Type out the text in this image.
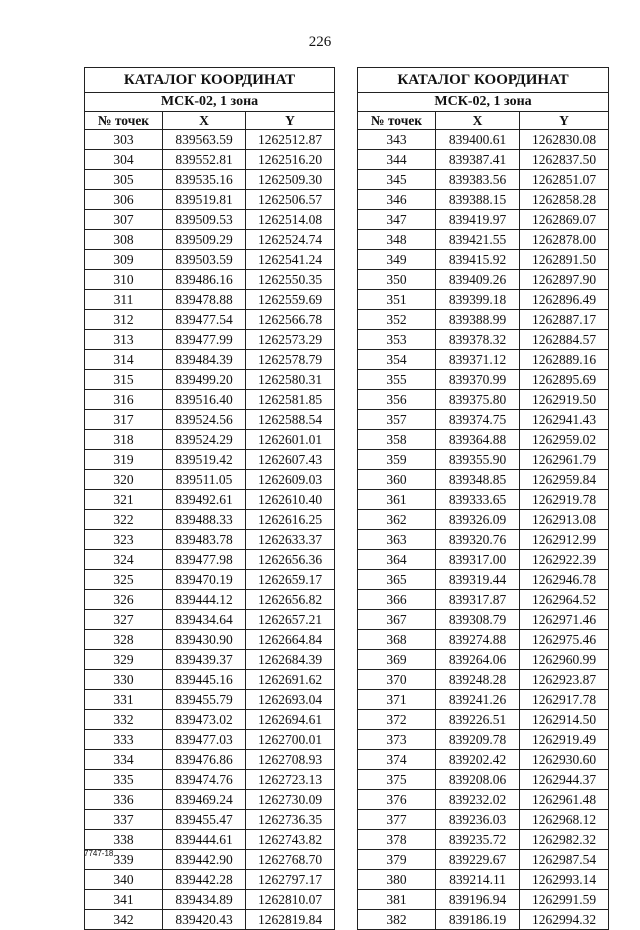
226
КАТАЛОГ КООРДИНАТ		
МСК-02, 1 зона		
№ точек	X	Y
303	839563.59	1262512.87
304	839552.81	1262516.20
305	839535.16	1262509.30
306	839519.81	1262506.57
307	839509.53	1262514.08
308	839509.29	1262524.74
309	839503.59	1262541.24
310	839486.16	1262550.35
311	839478.88	1262559.69
312	839477.54	1262566.78
313	839477.99	1262573.29
314	839484.39	1262578.79
315	839499.20	1262580.31
316	839516.40	1262581.85
317	839524.56	1262588.54
318	839524.29	1262601.01
319	839519.42	1262607.43
320	839511.05	1262609.03
321	839492.61	1262610.40
322	839488.33	1262616.25
323	839483.78	1262633.37
324	839477.98	1262656.36
325	839470.19	1262659.17
326	839444.12	1262656.82
327	839434.64	1262657.21
328	839430.90	1262664.84
329	839439.37	1262684.39
330	839445.16	1262691.62
331	839455.79	1262693.04
332	839473.02	1262694.61
333	839477.03	1262700.01
334	839476.86	1262708.93
335	839474.76	1262723.13
336	839469.24	1262730.09
337	839455.47	1262736.35
338	839444.61	1262743.82
339	839442.90	1262768.70
340	839442.28	1262797.17
341	839434.89	1262810.07
342	839420.43	1262819.84
КАТАЛОГ КООРДИНАТ		
МСК-02, 1 зона		
№ точек	X	Y
343	839400.61	1262830.08
344	839387.41	1262837.50
345	839383.56	1262851.07
346	839388.15	1262858.28
347	839419.97	1262869.07
348	839421.55	1262878.00
349	839415.92	1262891.50
350	839409.26	1262897.90
351	839399.18	1262896.49
352	839388.99	1262887.17
353	839378.32	1262884.57
354	839371.12	1262889.16
355	839370.99	1262895.69
356	839375.80	1262919.50
357	839374.75	1262941.43
358	839364.88	1262959.02
359	839355.90	1262961.79
360	839348.85	1262959.84
361	839333.65	1262919.78
362	839326.09	1262913.08
363	839320.76	1262912.99
364	839317.00	1262922.39
365	839319.44	1262946.78
366	839317.87	1262964.52
367	839308.79	1262971.46
368	839274.88	1262975.46
369	839264.06	1262960.99
370	839248.28	1262923.87
371	839241.26	1262917.78
372	839226.51	1262914.50
373	839209.78	1262919.49
374	839202.42	1262930.60
375	839208.06	1262944.37
376	839232.02	1262961.48
377	839236.03	1262968.12
378	839235.72	1262982.32
379	839229.67	1262987.54
380	839214.11	1262993.14
381	839196.94	1262991.59
382	839186.19	1262994.32
7747-18
